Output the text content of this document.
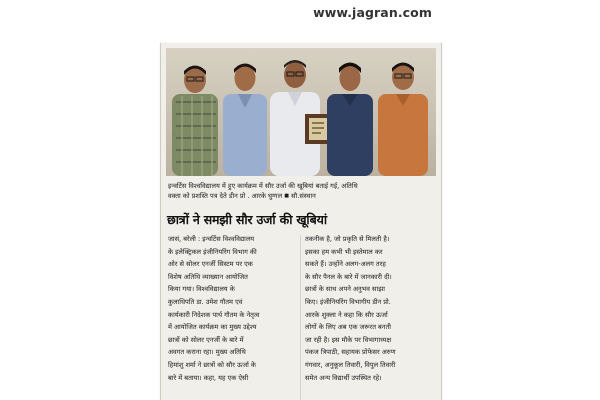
www.jagran.com

इन्वर्टिस विश्वविद्यालय में हुए कार्यक्रम में सौर उर्जा की खूबियां बताई गई, अतिथि
वक्ता को प्रशस्ति पत्र देते डीन प्रो . आरके घुग्गल ■ सौ.संस्थान

छात्रों ने समझी सौर उर्जा की खूबियां

जासं, बरेली : इन्वर्टिस विश्वविद्यालय
के इलेक्ट्रिकल इंजीनियरिंग विभाग की
ओर से सोलर एनर्जी सिस्टम पर एक
विशेष अतिथि व्याख्यान आयोजित
किया गया। विश्वविद्यालय के
कुलाधिपति डा. उमेश गौतम एवं
कार्यकारी निदेशक पार्थ गौतम के नेतृत्व
में आयोजित कार्यक्रम का मुख्य उद्देश्य
छात्रों को सोलर एनर्जी के बारे में
अवगत कराना रहा। मुख्य अतिथि
हिमांशु शर्मा ने छात्रों को सौर ऊर्जा के
बारे में बताया। कहा, यह एक ऐसी

तकनीक है, जो प्रकृति से मिलती है।
इसका हम कभी भी इस्तेमाल कर
सकते हैं। उन्होंने अलग-अलग तरह
के सौर पैनल के बारे में जानकारी दी।
छात्रों के साथ अपने अनुभव साझा
किए। इंजीनियरिंग विभागीय डीन प्रो.
आरके शुक्ला ने कहा कि सौर ऊर्जा
लोगों के लिए अब एक जरूरत बनती
जा रही है। इस मौके पर विभागाध्यक्ष
पंकज त्रिपाठी, सहायक प्रोफेसर अरुण
गंगवार, अनुकूल तिवारी, विपुल तिवारी
समेत अन्य विद्यार्थी उपस्थित रहे।
